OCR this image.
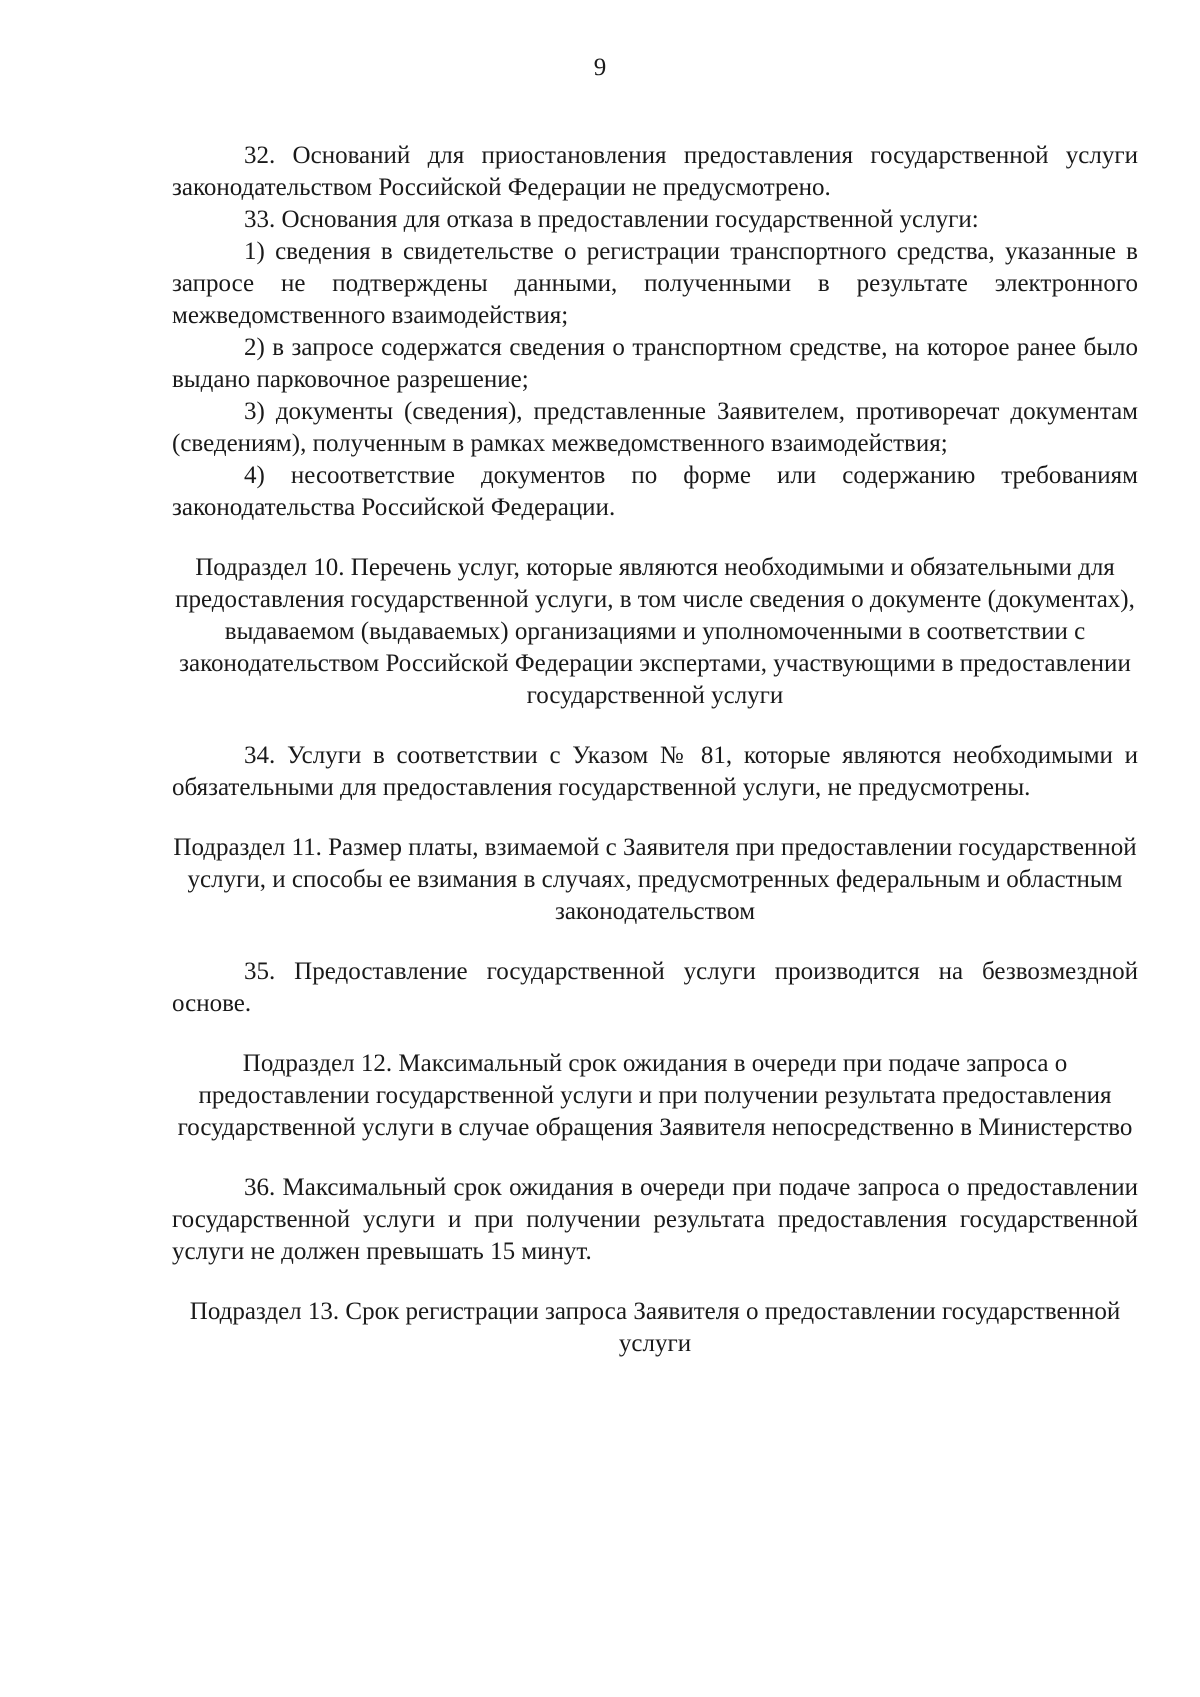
9

32. Оснований для приостановления предоставления государственной услуги законодательством Российской Федерации не предусмотрено.

33. Основания для отказа в предоставлении государственной услуги:

1) сведения в свидетельстве о регистрации транспортного средства, указанные в запросе не подтверждены данными, полученными в результате электронного межведомственного взаимодействия;

2) в запросе содержатся сведения о транспортном средстве, на которое ранее было выдано парковочное разрешение;

3) документы (сведения), представленные Заявителем, противоречат документам (сведениям), полученным в рамках межведомственного взаимодействия;

4) несоответствие документов по форме или содержанию требованиям законодательства Российской Федерации.

Подраздел 10. Перечень услуг, которые являются необходимыми и обязательными для предоставления государственной услуги, в том числе сведения о документе (документах), выдаваемом (выдаваемых) организациями и уполномоченными в соответствии с законодательством Российской Федерации экспертами, участвующими в предоставлении государственной услуги

34. Услуги в соответствии с Указом № 81, которые являются необходимыми и обязательными для предоставления государственной услуги, не предусмотрены.

Подраздел 11. Размер платы, взимаемой с Заявителя при предоставлении государственной услуги, и способы ее взимания в случаях, предусмотренных федеральным и областным законодательством

35. Предоставление государственной услуги производится на безвозмездной основе.

Подраздел 12. Максимальный срок ожидания в очереди при подаче запроса о предоставлении государственной услуги и при получении результата предоставления государственной услуги в случае обращения Заявителя непосредственно в Министерство

36. Максимальный срок ожидания в очереди при подаче запроса о предоставлении государственной услуги и при получении результата предоставления государственной услуги не должен превышать 15 минут.

Подраздел 13. Срок регистрации запроса Заявителя о предоставлении государственной услуги
